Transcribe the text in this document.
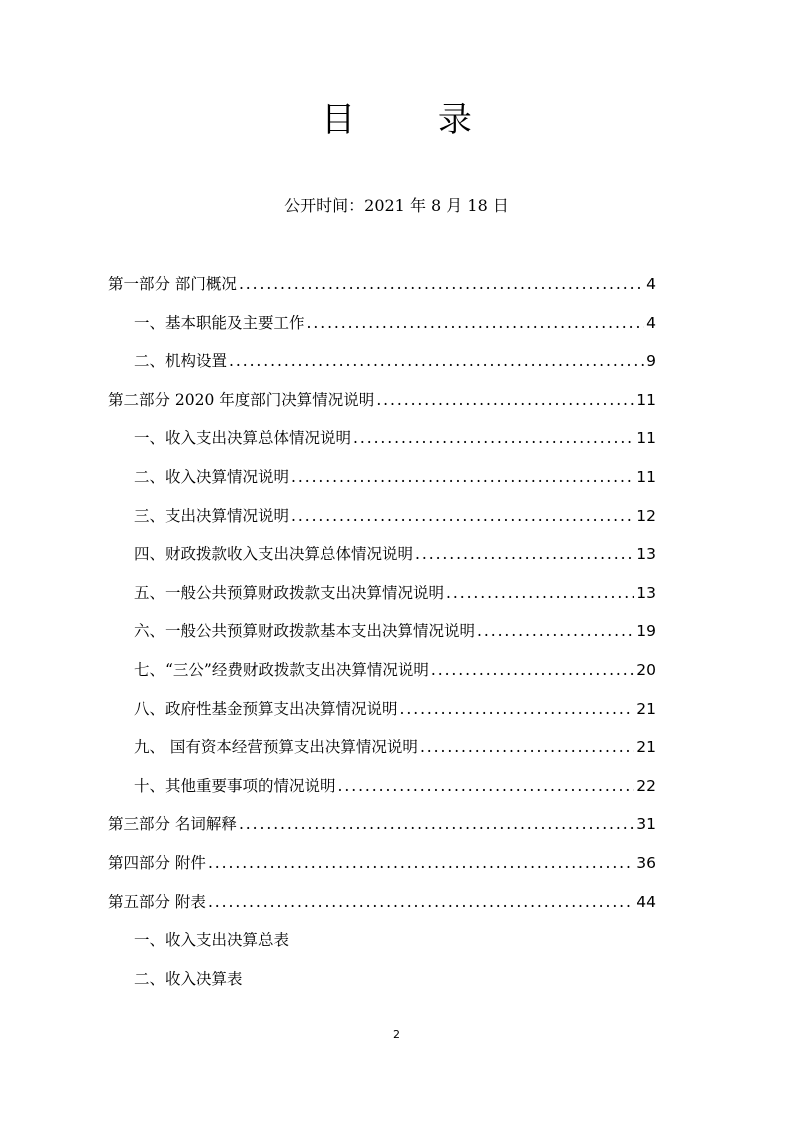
目 录
公开时间：2021 年 8 月 18 日
第一部分 部门概况 . . .	4
一、基本职能及主要工作 . . .	4
二、机构设置 . . .	9
第二部分 2020 年度部门决算情况说明 . . .	11
一、收入支出决算总体情况说明 . . .	11
二、收入决算情况说明 . . .	11
三、支出决算情况说明 . . .	12
四、财政拨款收入支出决算总体情况说明 . . .	13
五、一般公共预算财政拨款支出决算情况说明 . . .	13
六、一般公共预算财政拨款基本支出决算情况说明 . . .	19
七、“三公”经费财政拨款支出决算情况说明 . . .	20
八、政府性基金预算支出决算情况说明 . . .	21
九、 国有资本经营预算支出决算情况说明 . . .	21
十、其他重要事项的情况说明 . . .	22
第三部分 名词解释 . . .	31
第四部分 附件 . . .	36
第五部分 附表 . . .	44
一、收入支出决算总表
二、收入决算表
2
